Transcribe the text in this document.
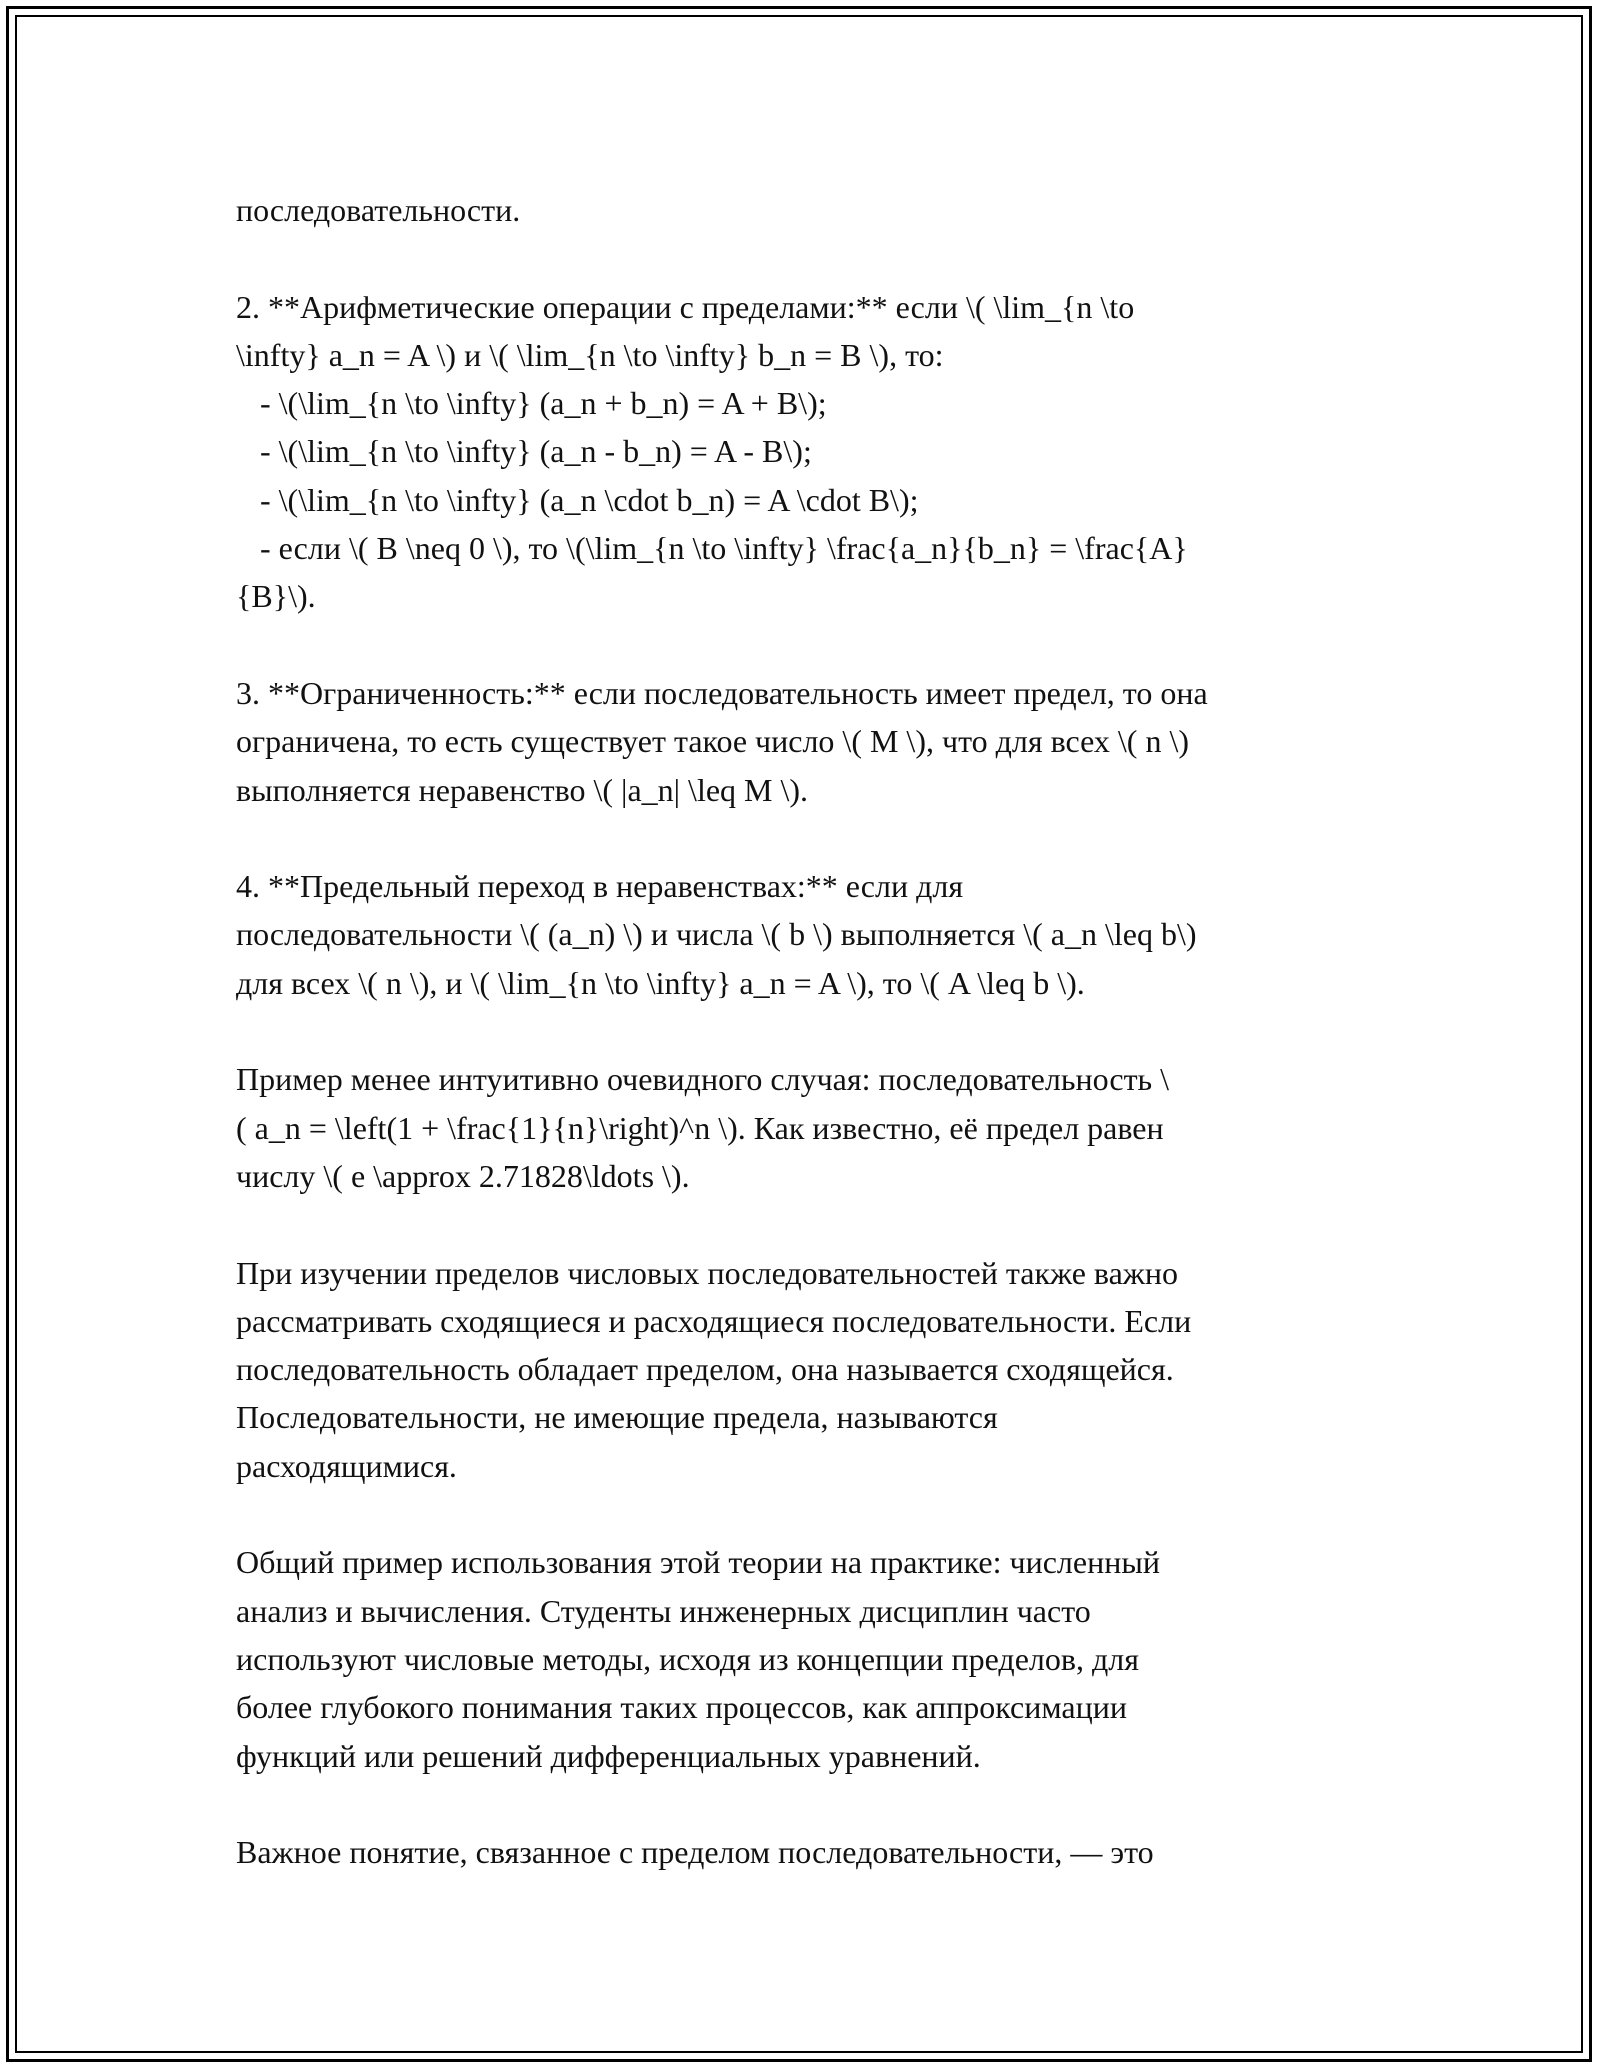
последовательности.
2. **Арифметические операции с пределами:** если \( \lim_{n \to
\infty} a_n = A \) и \( \lim_{n \to \infty} b_n = B \), то:
- \(\lim_{n \to \infty} (a_n + b_n) = A + B\);
- \(\lim_{n \to \infty} (a_n - b_n) = A - B\);
- \(\lim_{n \to \infty} (a_n \cdot b_n) = A \cdot B\);
- если \( B \neq 0 \), то \(\lim_{n \to \infty} \frac{a_n}{b_n} = \frac{A}
{B}\).
3. **Ограниченность:** если последовательность имеет предел, то она
ограничена, то есть существует такое число \( M \), что для всех \( n \)
выполняется неравенство \( |a_n| \leq M \).
4. **Предельный переход в неравенствах:** если для
последовательности \( (a_n) \) и числа \( b \) выполняется \( a_n \leq b\)
для всех \( n \), и \( \lim_{n \to \infty} a_n = A \), то \( A \leq b \).
Пример менее интуитивно очевидного случая: последовательность \
( a_n = \left(1 + \frac{1}{n}\right)^n \). Как известно, её предел равен
числу \( e \approx 2.71828\ldots \).
При изучении пределов числовых последовательностей также важно
рассматривать сходящиеся и расходящиеся последовательности. Если
последовательность обладает пределом, она называется сходящейся.
Последовательности, не имеющие предела, называются
расходящимися.
Общий пример использования этой теории на практике: численный
анализ и вычисления. Студенты инженерных дисциплин часто
используют числовые методы, исходя из концепции пределов, для
более глубокого понимания таких процессов, как аппроксимации
функций или решений дифференциальных уравнений.
Важное понятие, связанное с пределом последовательности, — это
